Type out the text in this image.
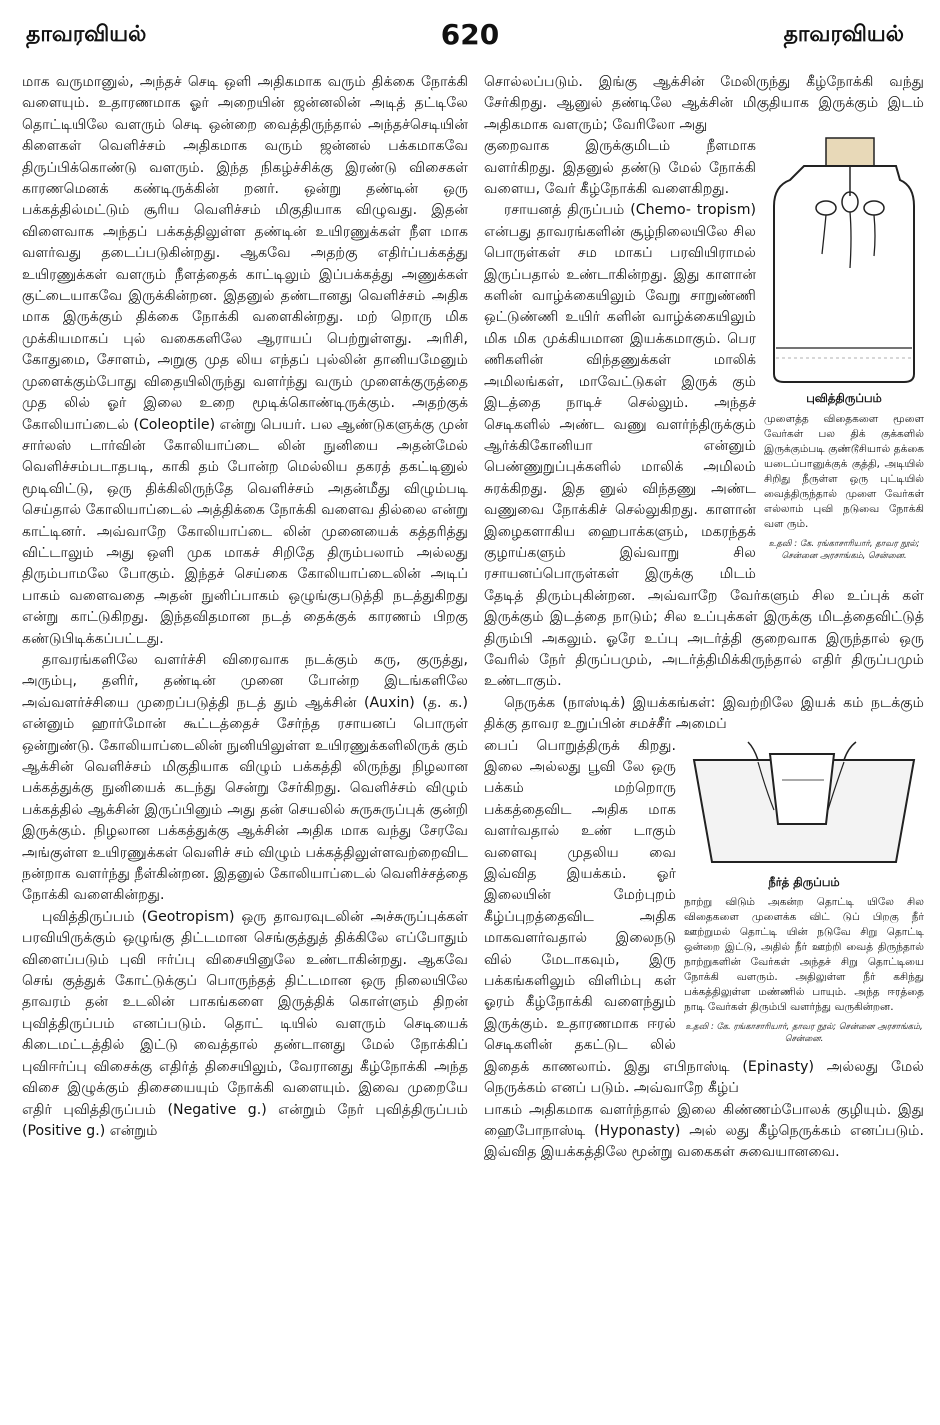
தாவரவியல்	620	தாவரவியல்

மாக வருமானுல், அந்தச் செடி ஒளி அதிகமாக வரும் திக்கை நோக்கி வளையும். உதாரணமாக ஓர் அறையின் ஜன்னலின் அடித் தட்டிலே தொட்டியிலே வளரும் செடி ஒன்றை வைத்திருந்தால் அந்தச்செடியின் கிளைகள் வெளிச்சம் அதிகமாக வரும் ஜன்னல் பக்கமாகவே திருப்பிக்கொண்டு வளரும். இந்த நிகழ்ச்சிக்கு இரண்டு விசைகள் காரணமெனக் கண்டிருக்கின் றனர். ஒன்று தண்டின் ஒரு பக்கத்தில்மட்டும் சூரிய வெளிச்சம் மிகுதியாக விழுவது. இதன் விளைவாக அந்தப் பக்கத்திலுள்ள தண்டின் உயிரணுக்கள் நீள மாக வளர்வது தடைப்படுகின்றது. ஆகவே அதற்கு எதிர்ப்பக்கத்து உயிரணுக்கள் வளரும் நீளத்தைக் காட்டிலும் இப்பக்கத்து அணுக்கள் குட்டையாகவே இருக்கின்றன. இதனுல் தண்டானது வெளிச்சம் அதிக மாக இருக்கும் திக்கை நோக்கி வளைகின்றது. மற் றொரு மிக முக்கியமாகப் புல் வகைகளிலே ஆராயப் பெற்றுள்ளது. அரிசி, கோதுமை, சோளம், அறுகு முத லிய எந்தப் புல்லின் தானியமேனும் முளைக்கும்போது விதையிலிருந்து வளர்ந்து வரும் முளைக்குருத்தை முத லில் ஓர் இலை உறை மூடிக்கொண்டிருக்கும். அதற்குக் கோலியாப்டைல் (Coleoptile) என்று பெயர். பல ஆண்டுகளுக்கு முன் சார்லஸ் டார்வின் கோலியாப்டை லின் நுனியை அதன்மேல் வெளிச்சம்படாதபடி, காகி தம் போன்ற மெல்லிய தகரத் தகட்டினுல் மூடிவிட்டு, ஒரு திக்கிலிருந்தே வெளிச்சம் அதன்மீது விழும்படி செய்தால் கோலியாப்டைல் அத்திக்கை நோக்கி வளைவ தில்லை என்று காட்டினர். அவ்வாறே கோலியாப்டை லின் முனையைக் கத்தரித்து விட்டாலும் அது ஒளி முக மாகச் சிறிதே திரும்பலாம் அல்லது திரும்பாமலே போகும். இந்தச் செய்கை கோலியாப்டைலின் அடிப் பாகம் வளைவதை அதன் நுனிப்பாகம் ஒழுங்குபடுத்தி நடத்துகிறது என்று காட்டுகிறது. இந்தவிதமான நடத் தைக்குக் காரணம் பிறகு கண்டுபிடிக்கப்பட்டது.

தாவரங்களிலே வளர்ச்சி விரைவாக நடக்கும் கரு, குருத்து, அரும்பு, தளிர், தண்டின் முனை போன்ற இடங்களிலே அவ்வளர்ச்சியை முறைப்படுத்தி நடத் தும் ஆக்சின் (Auxin) (த. க.) என்னும் ஹார்மோன் கூட்டத்தைச் சேர்ந்த ரசாயனப் பொருள் ஒன்றுண்டு. கோலியாப்டைலின் நுனியிலுள்ள உயிரணுக்களிலிருக் கும் ஆக்சின் வெளிச்சம் மிகுதியாக விழும் பக்கத்தி லிருந்து நிழலான பக்கத்துக்கு நுனியைக் கடந்து சென்று சேர்கிறது. வெளிச்சம் விழும் பக்கத்தில் ஆக்சின் இருப்பினும் அது தன் செயலில் சுருசுருப்புக் குன்றி இருக்கும். நிழலான பக்கத்துக்கு ஆக்சின் அதிக மாக வந்து சேரவே அங்குள்ள உயிரணுக்கள் வெளிச் சம் விழும் பக்கத்திலுள்ளவற்றைவிட நன்றாக வளர்ந்து நீள்கின்றன. இதனுல் கோலியாப்டைல் வெளிச்சத்தை நோக்கி வளைகின்றது.

புவித்திருப்பம் (Geotropism) ஒரு தாவரவுடலின் அச்சுருப்புக்கள் பரவியிருக்கும் ஒழுங்கு திட்டமான செங்குத்துத் திக்கிலே எப்போதும் விளைப்படும் புவி ஈர்ப்பு விசையினுலே உண்டாகின்றது. ஆகவே செங் குத்துக் கோட்டுக்குப் பொருந்தத் திட்டமான ஒரு நிலையிலே தாவரம் தன் உடலின் பாகங்களை இருத்திக் கொள்ளும் திறன் புவித்திருப்பம் எனப்படும். தொட் டியில் வளரும் செடியைக் கிடைமட்டத்தில் இட்டு வைத்தால் தண்டானது மேல் நோக்கிப் புவிஈர்ப்பு விசைக்கு எதிர்த் திசையிலும், வேரானது கீழ்நோக்கி அந்த விசை இழுக்கும் திசையையும் நோக்கி வளையும். இவை முறையே எதிர் புவித்திருப்பம் (Negative g.) என்றும் நேர் புவித்திருப்பம் (Positive g.) என்றும்

சொல்லப்படும். இங்கு ஆக்சின் மேலிருந்து கீழ்நோக்கி வந்து சேர்கிறது. ஆனுல் தண்டிலே ஆக்சின் மிகுதியாக இருக்கும் இடம் அதிகமாக வளரும்; வேரிலோ அது

புவித்திருப்பம்
முளைத்த விதைகளை மூளை வேர்கள் பல திக் குக்களில் இருக்கும்படி குண்டூசியால் தக்கை யடைப்பானுக்குக் குத்தி, அடியில் சிறிது நீருள்ள ஒரு புட்டியில் வைத்திருந்தால் முளை வேர்கள் எல்லாம் புவி நடுவை நோக்கி வள ரும்.
உதவி : கே. ரங்காசாரியார், தாவர நூல்; சென்னை அரசாங்கம், சென்னை.

குறைவாக இருக்குமிடம் நீளமாக வளர்கிறது. இதனுல் தண்டு மேல் நோக்கி வளைய, வேர் கீழ்நோக்கி வளைகிறது.

ரசாயனத் திருப்பம் (Chemo- tropism) என்பது தாவரங்களின் சூழ்நிலையிலே சில பொருள்கள் சம மாகப் பரவியிராமல் இருப்பதால் உண்டாகின்றது. இது காளான் களின் வாழ்க்கையிலும் வேறு சாறுண்ணி ஒட்டுண்ணி உயிர் களின் வாழ்க்கையிலும் மிக மிக முக்கியமான இயக்கமாகும். பெர ணிகளின் விந்தணுக்கள் மாலிக் அமிலங்கள், மாவேட்டுகள் இருக் கும் இடத்தை நாடிச் செல்லும். அந்தச் செடிகளில் அண்ட வணு வளர்ந்திருக்கும் ஆர்க்கிகோனியா என்னும் பெண்ணுறுப்புக்களில் மாலிக் அமிலம் சுரக்கிறது. இத னுல் விந்தணு அண்ட வணுவை நோக்கிச் செல்லுகிறது. காளான் இழைகளாகிய ஹைபாக்களும், மகரந்தக் குழாய்களும் இவ்வாறு சில ரசாயனப்பொருள்கள் இருக்கு மிடம் தேடித் திரும்புகின்றன. அவ்வாறே வேர்களும் சில உப்புக் கள் இருக்கும் இடத்தை நாடும்; சில உப்புக்கள் இருக்கு மிடத்தைவிட்டுத் திரும்பி அகலும். ஓரே உப்பு அடர்த்தி குறைவாக இருந்தால் ஒரு வேரில் நேர் திருப்பமும், அடர்த்திமிக்கிருந்தால் எதிர் திருப்பமும் உண்டாகும்.

நெருக்க (நாஸ்டிக்) இயக்கங்கள்: இவற்றிலே இயக் கம் நடக்கும் திக்கு தாவர உறுப்பின் சமச்சீர் அமைப்

நீர்த் திருப்பம்
நாற்று விடும் அகன்ற தொட்டி யிலே சில விதைகளை முளைக்க விட் டுப் பிறகு நீர் ஊற்றுமல் தொட்டி யின் நடுவே சிறு தொட்டி ஒன்றை இட்டு, அதில் நீர் ஊற்றி வைத் திருந்தால் நாற்றுகளின் வேர்கள் அந்தச் சிறு தொட்டியை நோக்கி வளரும். அதிலுள்ள நீர் கசிந்து பக்கத்திலுள்ள மண்ணில் பாயும். அந்த ஈரத்தை நாடி வேர்கள் திரும்பி வளர்ந்து வருகின்றன.
உதவி : கே. ரங்காசாரியார், தாவர நூல்; சென்னை அரசாங்கம், சென்னை.

பைப் பொறுத்திருக் கிறது. இலை அல்லது பூவி லே ஒரு பக்கம் மற்றொரு பக்கத்தைவிட அதிக மாக வளர்வதால் உண் டாகும் வளைவு முதலிய வை இவ்வித இயக்கம். ஓர் இலையின் மேற்புறம் கீழ்ப்புறத்தைவிட அதிக மாகவளர்வதால் இலைநடு வில் மேடாகவும், இரு பக்கங்களிலும் விளிம்பு கள் ஓரம் கீழ்நோக்கி வளைந்தும் இருக்கும். உதாரணமாக ஈரல் செடிகளின் தகட்டுட லில் இதைக் காணலாம். இது எபிநாஸ்டி (Epinasty) அல்லது மேல் நெருக்கம் எனப் படும். அவ்வாறே கீழ்ப்

பாகம் அதிகமாக வளர்ந்தால் இலை கிண்ணம்போலக் குழியும். இது ஹைபோநாஸ்டி (Hyponasty) அல் லது கீழ்நெருக்கம் எனப்படும். இவ்வித இயக்கத்திலே மூன்று வகைகள் சுவையானவை.
